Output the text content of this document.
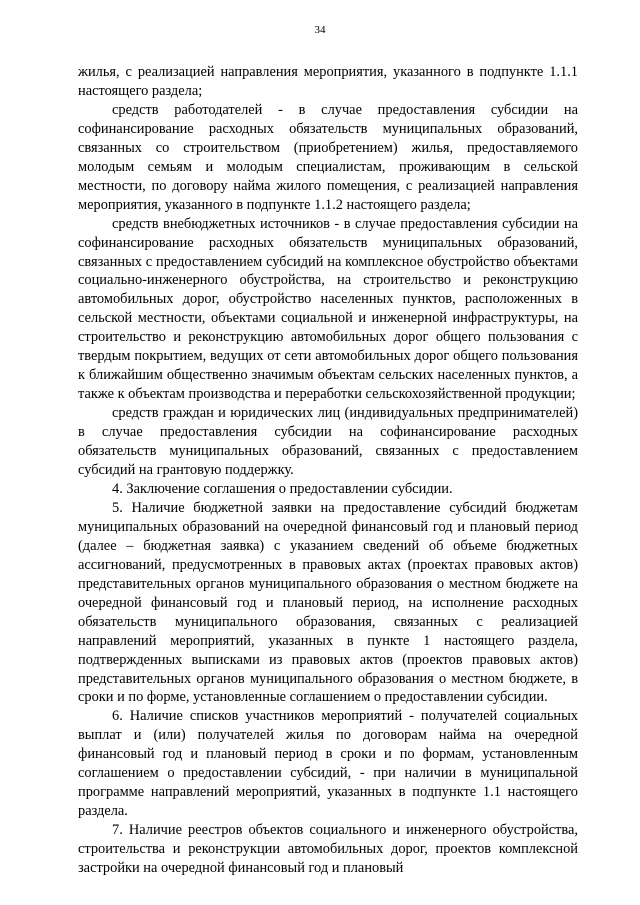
34

жилья, с реализацией направления мероприятия, указанного в подпункте 1.1.1 настоящего раздела;

средств работодателей - в случае предоставления субсидии на софинансирование расходных обязательств муниципальных образований, связанных со строительством (приобретением) жилья, предоставляемого молодым семьям и молодым специалистам, проживающим в сельской местности, по договору найма жилого помещения, с реализацией направления мероприятия, указанного в подпункте 1.1.2 настоящего раздела;

средств внебюджетных источников - в случае предоставления субсидии на софинансирование расходных обязательств муниципальных образований, связанных с предоставлением субсидий на комплексное обустройство объектами социально-инженерного обустройства, на строительство и реконструкцию автомобильных дорог, обустройство населенных пунктов, расположенных в сельской местности, объектами социальной и инженерной инфраструктуры, на строительство и реконструкцию автомобильных дорог общего пользования с твердым покрытием, ведущих от сети автомобильных дорог общего пользования к ближайшим общественно значимым объектам сельских населенных пунктов, а также к объектам производства и переработки сельскохозяйственной продукции;

средств граждан и юридических лиц (индивидуальных предпринимателей) в случае предоставления субсидии на софинансирование расходных обязательств муниципальных образований, связанных с предоставлением субсидий на грантовую поддержку.

4. Заключение соглашения о предоставлении субсидии.

5. Наличие бюджетной заявки на предоставление субсидий бюджетам муниципальных образований на очередной финансовый год и плановый период (далее – бюджетная заявка) с указанием сведений об объеме бюджетных ассигнований, предусмотренных в правовых актах (проектах правовых актов) представительных органов муниципального образования о местном бюджете на очередной финансовый год и плановый период, на исполнение расходных обязательств муниципального образования, связанных с реализацией направлений мероприятий, указанных в пункте 1 настоящего раздела, подтвержденных выписками из правовых актов (проектов правовых актов) представительных органов муниципального образования о местном бюджете, в сроки и по форме, установленные соглашением о предоставлении субсидии.

6. Наличие списков участников мероприятий - получателей социальных выплат и (или) получателей жилья по договорам найма на очередной финансовый год и плановый период в сроки и по формам, установленным соглашением о предоставлении субсидий, - при наличии в муниципальной программе направлений мероприятий, указанных в подпункте 1.1 настоящего раздела.

7. Наличие реестров объектов социального и инженерного обустройства, строительства и реконструкции автомобильных дорог, проектов комплексной застройки на очередной финансовый год и плановый
